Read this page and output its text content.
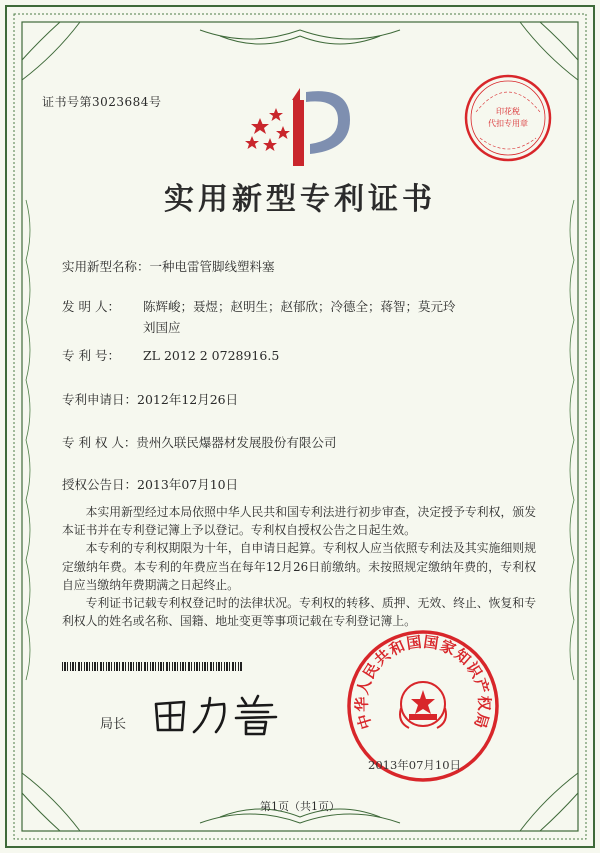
证书号第3023684号
印花税
代扣专用章
实用新型专利证书
实用新型名称：一种电雷管脚线塑料塞
发 明 人： 陈辉峻；聂煜；赵明生；赵郁欣；冷德全；蒋智；莫元玲
刘国应
专 利 号： ZL 2012 2 0728916.5
专利申请日：2012年12月26日
专 利 权 人：贵州久联民爆器材发展股份有限公司
授权公告日：2013年07月10日

本实用新型经过本局依照中华人民共和国专利法进行初步审查，决定授予专利权，颁发本证书并在专利登记簿上予以登记。专利权自授权公告之日起生效。

本专利的专利权期限为十年，自申请日起算。专利权人应当依照专利法及其实施细则规定缴纳年费。本专利的年费应当在每年12月26日前缴纳。未按照规定缴纳年费的，专利权自应当缴纳年费期满之日起终止。

专利证书记载专利权登记时的法律状况。专利权的转移、质押、无效、终止、恢复和专利权人的姓名或名称、国籍、地址变更等事项记载在专利登记簿上。

局长	中华人民共和国国家知识产权局
2013年07月10日
第1页（共1页）
